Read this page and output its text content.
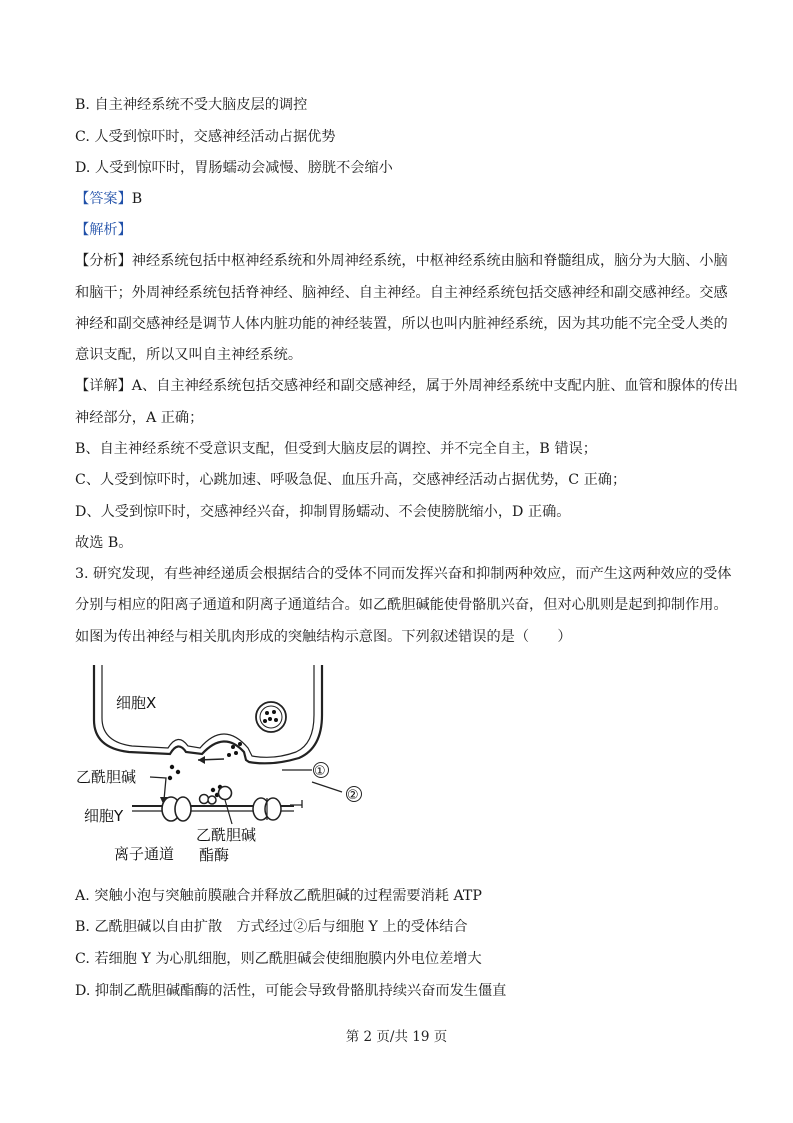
B. 自主神经系统不受大脑皮层的调控
C. 人受到惊吓时，交感神经活动占据优势
D. 人受到惊吓时，胃肠蠕动会减慢、膀胱不会缩小
【答案】B
【解析】
【分析】神经系统包括中枢神经系统和外周神经系统，中枢神经系统由脑和脊髓组成，脑分为大脑、小脑
和脑干；外周神经系统包括脊神经、脑神经、自主神经。自主神经系统包括交感神经和副交感神经。交感
神经和副交感神经是调节人体内脏功能的神经装置，所以也叫内脏神经系统，因为其功能不完全受人类的
意识支配，所以又叫自主神经系统。
【详解】A、自主神经系统包括交感神经和副交感神经，属于外周神经系统中支配内脏、血管和腺体的传出
神经部分，A 正确；
B、自主神经系统不受意识支配，但受到大脑皮层的调控、并不完全自主，B 错误；
C、人受到惊吓时，心跳加速、呼吸急促、血压升高，交感神经活动占据优势，C 正确；
D、人受到惊吓时，交感神经兴奋，抑制胃肠蠕动、不会使膀胱缩小，D 正确。
故选 B。
3. 研究发现，有些神经递质会根据结合的受体不同而发挥兴奋和抑制两种效应，而产生这两种效应的受体
分别与相应的阳离子通道和阴离子通道结合。如乙酰胆碱能使骨骼肌兴奋，但对心肌则是起到抑制作用。
如图为传出神经与相关肌肉形成的突触结构示意图。下列叙述错误的是（　　）
细胞X
乙酰胆碱
细胞Y
离子通道
乙酰胆碱
酯酶
①
②
A. 突触小泡与突触前膜融合并释放乙酰胆碱的过程需要消耗 ATP
B. 乙酰胆碱以自由扩散　方式经过②后与细胞 Y 上的受体结合
C. 若细胞 Y 为心肌细胞，则乙酰胆碱会使细胞膜内外电位差增大
D. 抑制乙酰胆碱酯酶的活性，可能会导致骨骼肌持续兴奋而发生僵直
第 2 页/共 19 页
